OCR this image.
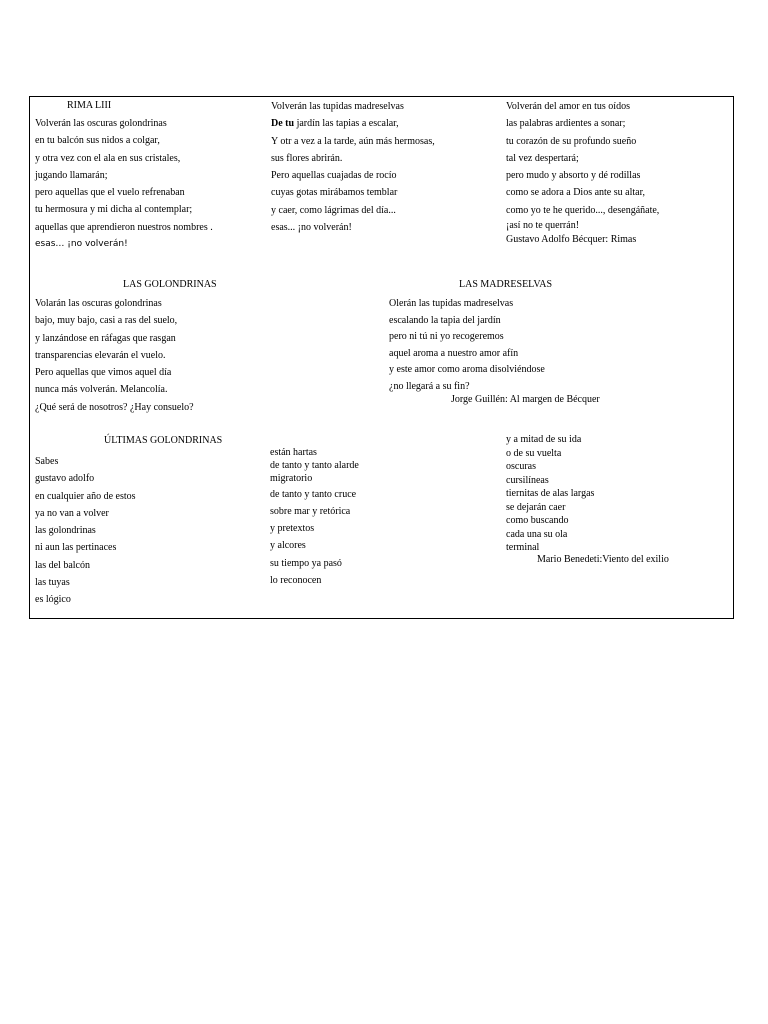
RIMA LIII
Volverán las oscuras golondrinas
en tu balcón sus nidos a colgar,
y otra vez con el ala en sus cristales,
jugando llamarán;
pero aquellas que el vuelo refrenaban
tu hermosura y mi dicha al contemplar;
aquellas que aprendieron nuestros nombres .
esas… ¡no volverán!
Volverán las tupidas madreselvas
De tu jardín las tapias a escalar,
Y otr a vez a la tarde, aún más hermosas,
sus flores abrirán.
Pero aquellas cuajadas de rocío
cuyas gotas mirábamos temblar
y caer, como lágrimas del día...
esas... ¡no volverán!
Volverán del amor en tus oídos
las palabras ardientes a sonar;
tu corazón de su profundo sueño
tal vez despertará;
pero mudo y absorto y dé rodillas
como se adora a Dios ante su altar,
como yo te he querido..., desengáñate,
¡así no te querrán!
Gustavo Adolfo Bécquer: Rimas
LAS GOLONDRINAS
Volarán las oscuras golondrinas
bajo, muy bajo, casi a ras del suelo,
y lanzándose en ráfagas que rasgan
transparencias elevarán el vuelo.
Pero aquellas que vimos aquel día
nunca más volverán. Melancolía.
¿Qué será de nosotros? ¿Hay consuelo?
LAS MADRESELVAS
Olerán las tupidas madreselvas
escalando la tapia del jardín
pero ni tú ni yo recogeremos
aquel aroma a nuestro amor afín
y este amor como aroma disolviéndose
¿no llegará a su fin?
Jorge Guillén: Al margen de Bécquer
ÚLTIMAS GOLONDRINAS
Sabes
gustavo adolfo
en cualquier año de estos
ya no van a volver
las golondrinas
ni aun las pertinaces
las del balcón
las tuyas
es lógico
están hartas
de tanto y tanto alarde
migratorio
de tanto y tanto cruce
sobre mar y retórica
y pretextos
y alcores
su tiempo ya pasó
lo reconocen
y a mitad de su ida
o de su vuelta
oscuras
cursilíneas
tiernitas de alas largas
se dejarán caer
como buscando
cada una su ola
terminal
Mario Benedeti:Viento del exilio
